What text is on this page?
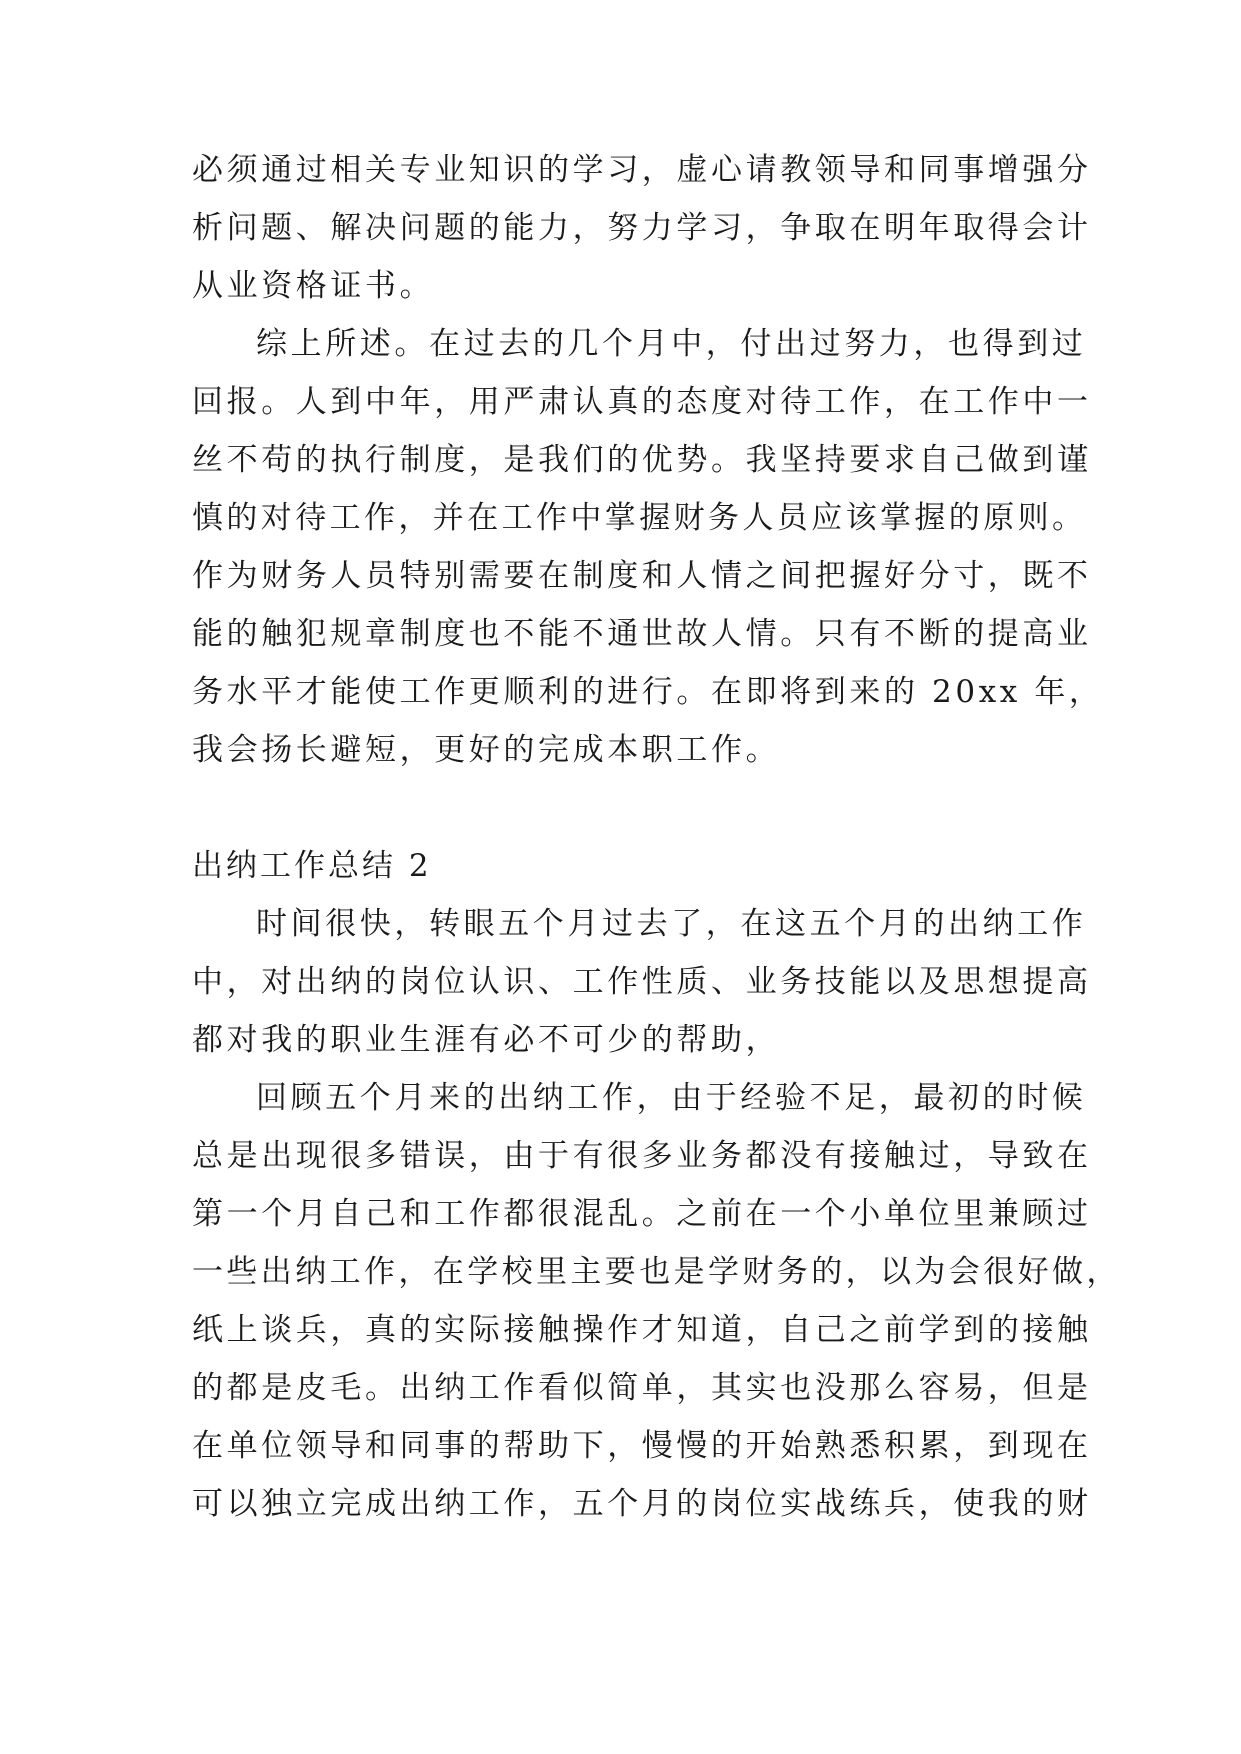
必须通过相关专业知识的学习，虚心请教领导和同事增强分
析问题、解决问题的能力，努力学习，争取在明年取得会计
从业资格证书。
综上所述。在过去的几个月中，付出过努力，也得到过
回报。人到中年，用严肃认真的态度对待工作，在工作中一
丝不苟的执行制度，是我们的优势。我坚持要求自己做到谨
慎的对待工作，并在工作中掌握财务人员应该掌握的原则。
作为财务人员特别需要在制度和人情之间把握好分寸，既不
能的触犯规章制度也不能不通世故人情。只有不断的提高业
务水平才能使工作更顺利的进行。在即将到来的 20xx 年，
我会扬长避短，更好的完成本职工作。
出纳工作总结 2
时间很快，转眼五个月过去了，在这五个月的出纳工作
中，对出纳的岗位认识、工作性质、业务技能以及思想提高
都对我的职业生涯有必不可少的帮助，
回顾五个月来的出纳工作，由于经验不足，最初的时候
总是出现很多错误，由于有很多业务都没有接触过，导致在
第一个月自己和工作都很混乱。之前在一个小单位里兼顾过
一些出纳工作，在学校里主要也是学财务的，以为会很好做，
纸上谈兵，真的实际接触操作才知道，自己之前学到的接触
的都是皮毛。出纳工作看似简单，其实也没那么容易，但是
在单位领导和同事的帮助下，慢慢的开始熟悉积累，到现在
可以独立完成出纳工作，五个月的岗位实战练兵，使我的财
